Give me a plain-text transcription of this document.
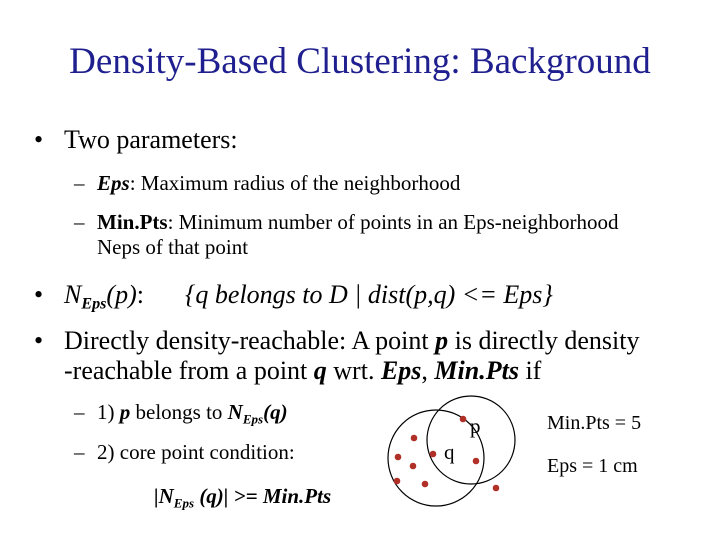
Density-Based Clustering: Background
• Two parameters:
– Eps: Maximum radius of the neighborhood
– Min.Pts: Minimum number of points in an Eps-neighborhood
Neps of that point
• $N_{Eps}(p)$: {q belongs to D | dist(p,q) <= Eps}
• Directly density-reachable: A point p is directly density
-reachable from a point q wrt. Eps, Min.Pts if
– 1) p belongs to $N_{Eps}(q)$
– 2) core point condition:
$|N_{Eps}$ (q)| >= Min.Pts
p
q
Min.Pts = 5
Eps = 1 cm
